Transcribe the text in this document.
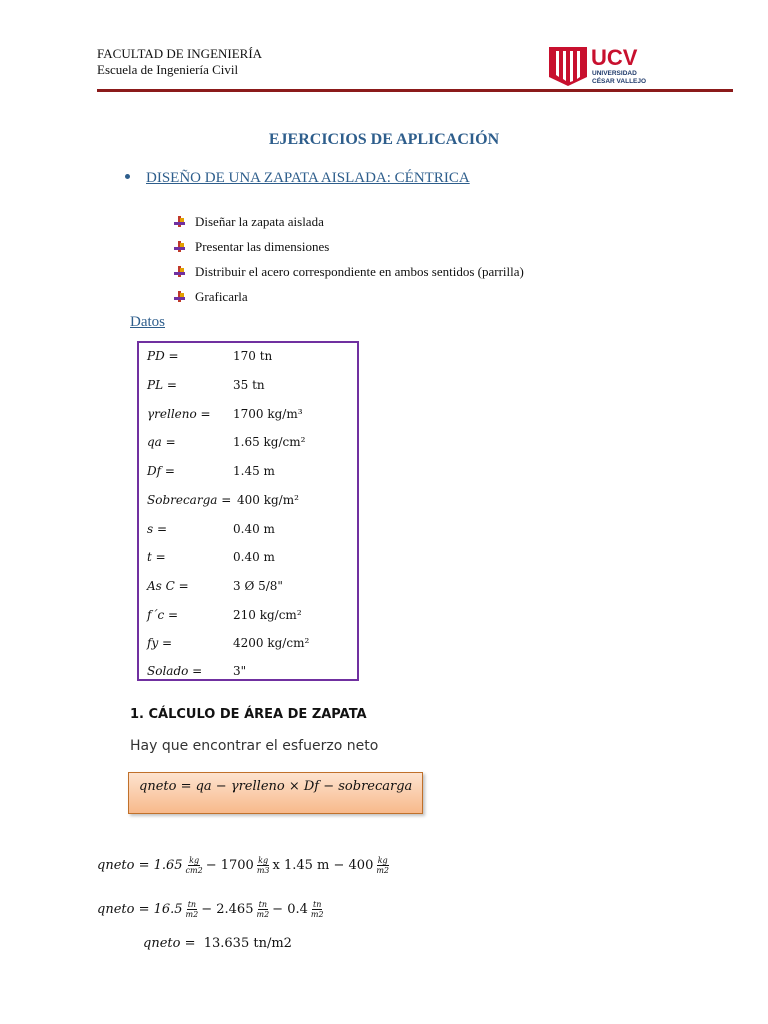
FACULTAD DE INGENIERÍA
Escuela de Ingeniería Civil	UCV
UNIVERSIDAD
CÉSAR VALLEJO
EJERCICIOS DE APLICACIÓN
DISEÑO DE UNA ZAPATA AISLADA: CÉNTRICA
Diseñar la zapata aislada
Presentar las dimensiones
Distribuir el acero correspondiente en ambos sentidos (parrilla)
Graficarla
Datos
PD =	170 tn
PL =	35 tn
γrelleno = 1700 kg/m³
qa =	1.65 kg/cm²
Df =	1.45 m
Sobrecarga = 400 kg/m²
s =	0.40 m
t =	0.40 m
As C =	3 Ø 5/8"
f´c =	210 kg/cm²
fy =	4200 kg/cm²
Solado =	3"
1. CÁLCULO DE ÁREA DE ZAPATA
Hay que encontrar el esfuerzo neto
qneto = qa − γrelleno × Df − sobrecarga
qneto = $1.65 \frac{kg}{cm2} - 1700 \frac{kg}{m3}$ x 1.45 $m - 400 \frac{kg}{m2}$
qneto = $16.5 \frac{tn}{m2} - 2.465 \frac{tn}{m2} - 0.4 \frac{tn}{m2}$
qneto =
13.635 tn/m2
